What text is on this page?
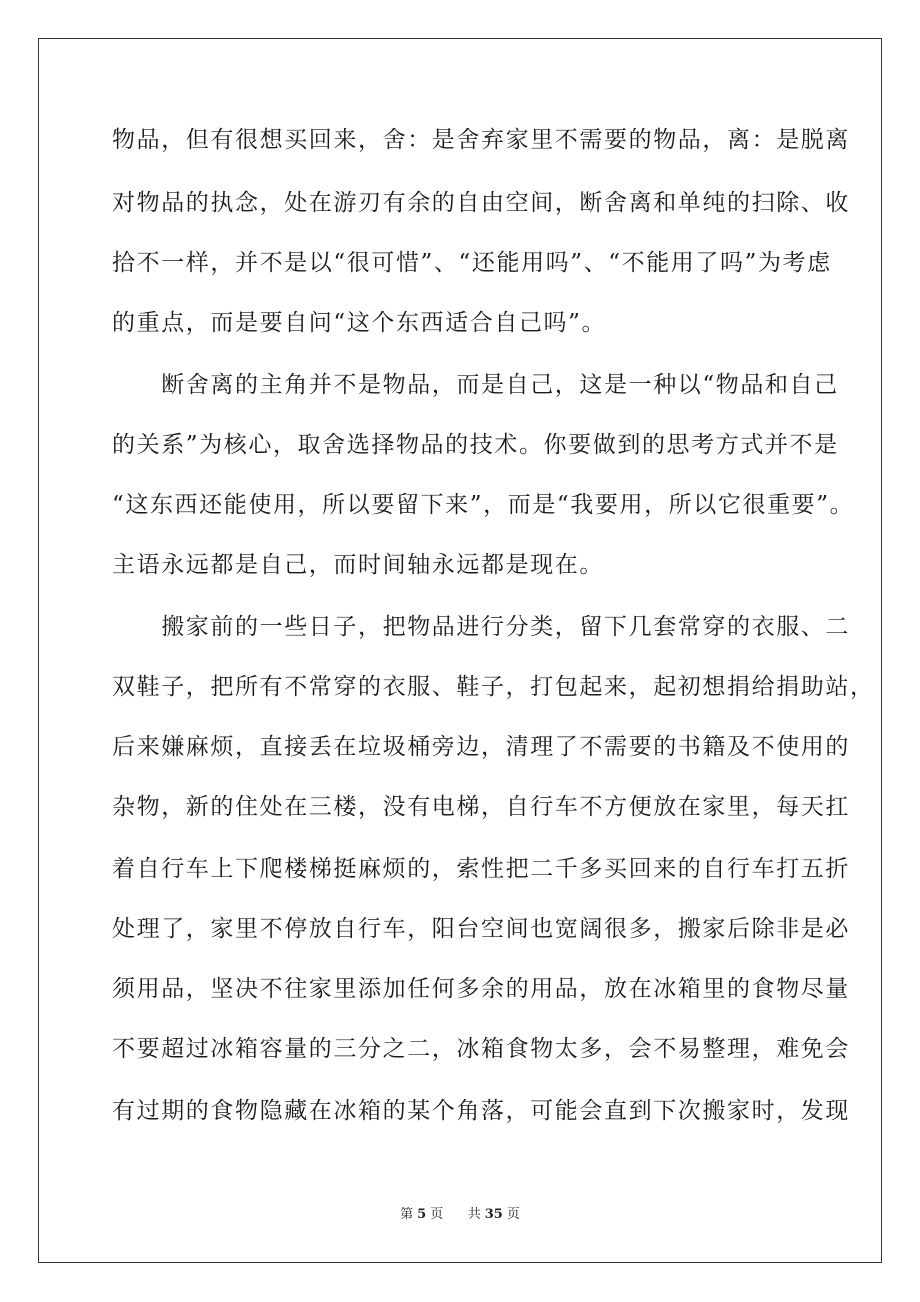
物品，但有很想买回来，舍：是舍弃家里不需要的物品，离：是脱离
对物品的执念，处在游刃有余的自由空间，断舍离和单纯的扫除、收
拾不一样，并不是以“很可惜”、“还能用吗”、“不能用了吗”为考虑
的重点，而是要自问“这个东西适合自己吗”。
　　断舍离的主角并不是物品，而是自己，这是一种以“物品和自己
的关系”为核心，取舍选择物品的技术。你要做到的思考方式并不是
“这东西还能使用，所以要留下来”，而是“我要用，所以它很重要”。
主语永远都是自己，而时间轴永远都是现在。
　　搬家前的一些日子，把物品进行分类，留下几套常穿的衣服、二
双鞋子，把所有不常穿的衣服、鞋子，打包起来，起初想捐给捐助站，
后来嫌麻烦，直接丢在垃圾桶旁边，清理了不需要的书籍及不使用的
杂物，新的住处在三楼，没有电梯，自行车不方便放在家里，每天扛
着自行车上下爬楼梯挺麻烦的，索性把二千多买回来的自行车打五折
处理了，家里不停放自行车，阳台空间也宽阔很多，搬家后除非是必
须用品，坚决不往家里添加任何多余的用品，放在冰箱里的食物尽量
不要超过冰箱容量的三分之二，冰箱食物太多，会不易整理，难免会
有过期的食物隐藏在冰箱的某个角落，可能会直到下次搬家时，发现
第 5 页 共 35 页
